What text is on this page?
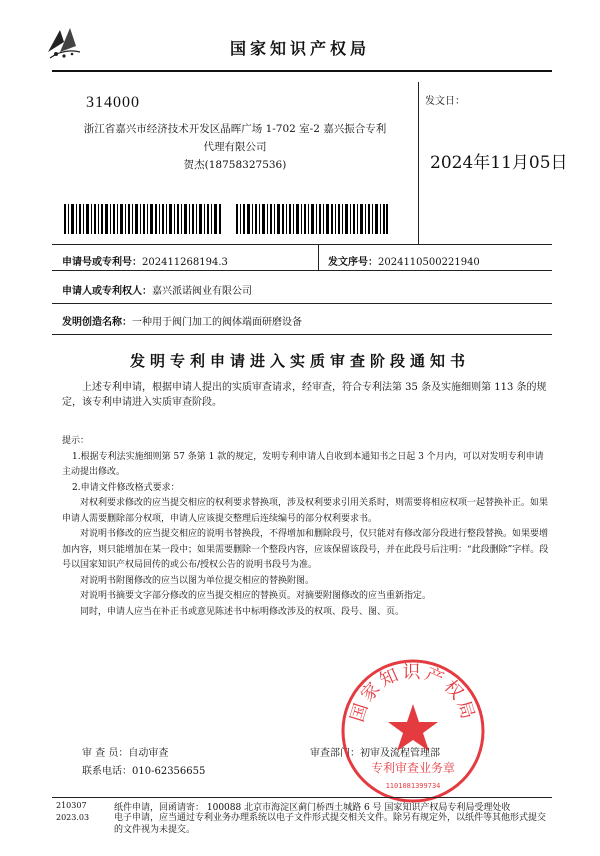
国家知识产权局
314000
浙江省嘉兴市经济技术开发区晶晖广场 1-702 室-2 嘉兴振合专利
代理有限公司
贺杰(18758327536)
发文日：
2024年11月05日
申请号或专利号：202411268194.3	发文序号：2024110500221940
申请人或专利权人：嘉兴派诺阀业有限公司
发明创造名称：一种用于阀门加工的阀体端面研磨设备
发明专利申请进入实质审查阶段通知书
上述专利申请，根据申请人提出的实质审查请求，经审查，符合专利法第 35 条及实施细则第 113 条的规定，该专利申请进入实质审查阶段。

提示：

1.根据专利法实施细则第 57 条第 1 款的规定，发明专利申请人自收到本通知书之日起 3 个月内，可以对发明专利申请主动提出修改。

2.申请文件修改格式要求：

对权利要求修改的应当提交相应的权利要求替换项，涉及权利要求引用关系时，则需要将相应权项一起替换补正。如果申请人需要删除部分权项，申请人应该提交整理后连续编号的部分权利要求书。

对说明书修改的应当提交相应的说明书替换段，不得增加和删除段号，仅只能对有修改部分段进行整段替换。如果要增加内容，则只能增加在某一段中；如果需要删除一个整段内容，应该保留该段号，并在此段号后注明：“此段删除”字样。段号以国家知识产权局回传的或公布/授权公告的说明书段号为准。

对说明书附图修改的应当以图为单位提交相应的替换附图。

对说明书摘要文字部分修改的应当提交相应的替换页。对摘要附图修改的应当重新指定。

同时，申请人应当在补正书或意见陈述书中标明修改涉及的权项、段号、图、页。

审 查 员：自动审查
联系电话：010-62356655
审查部门：初审及流程管理部
国家知识产权局
专利审查业务章
1101081399734
210307
2023.03
纸件申请，回函请寄： 100088 北京市海淀区蓟门桥西土城路 6 号 国家知识产权局专利局受理处收
电子申请，应当通过专利业务办理系统以电子文件形式提交相关文件。除另有规定外，以纸件等其他形式提交的文件视为未提交。
